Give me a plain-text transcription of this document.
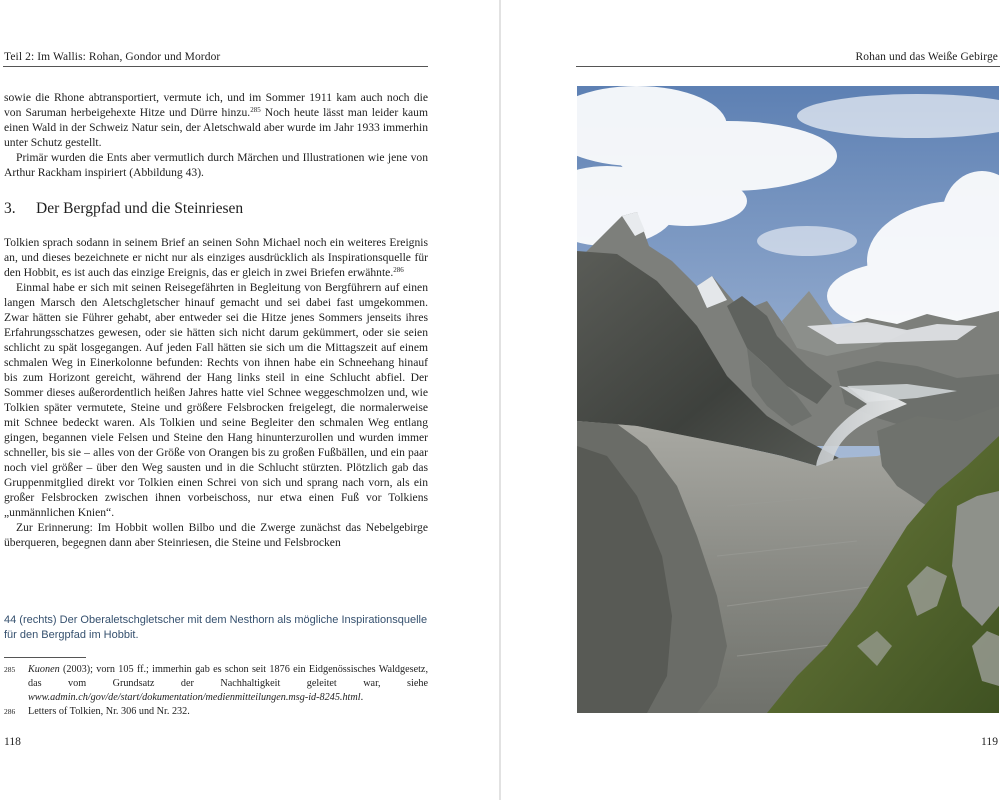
Teil 2: Im Wallis: Rohan, Gondor und Mordor

sowie die Rhone abtransportiert, vermute ich, und im Sommer 1911 kam auch noch die von Saruman herbeigehexte Hitze und Dürre hinzu.$^{285}$ Noch heute lässt man leider kaum einen Wald in der Schweiz Natur sein, der Aletschwald aber wurde im Jahr 1933 immerhin unter Schutz gestellt.

Primär wurden die Ents aber vermutlich durch Märchen und Illustrationen wie jene von Arthur Rackham inspiriert (Abbildung 43).

3. Der Bergpfad und die Steinriesen

Tolkien sprach sodann in seinem Brief an seinen Sohn Michael noch ein weiteres Ereignis an, und dieses bezeichnete er nicht nur als einziges ausdrücklich als Inspirationsquelle für den Hobbit, es ist auch das einzige Ereignis, das er gleich in zwei Briefen erwähnte.$^{286}$

Einmal habe er sich mit seinen Reisegefährten in Begleitung von Bergführern auf einen langen Marsch den Aletschgletscher hinauf gemacht und sei dabei fast umgekommen. Zwar hätten sie Führer gehabt, aber entweder sei die Hitze jenes Sommers jenseits ihres Erfahrungsschatzes gewesen, oder sie hätten sich nicht darum gekümmert, oder sie seien schlicht zu spät losgegangen. Auf jeden Fall hätten sie sich um die Mittagszeit auf einem schmalen Weg in Einerkolonne befunden: Rechts von ihnen habe ein Schneehang hinauf bis zum Horizont gereicht, während der Hang links steil in eine Schlucht abfiel. Der Sommer dieses außerordentlich heißen Jahres hatte viel Schnee weggeschmolzen und, wie Tolkien später vermutete, Steine und größere Felsbrocken freigelegt, die normalerweise mit Schnee bedeckt waren. Als Tolkien und seine Begleiter den schmalen Weg entlang gingen, begannen viele Felsen und Steine den Hang hinunterzurollen und wurden immer schneller, bis sie – alles von der Größe von Orangen bis zu großen Fußbällen, und ein paar noch viel größer – über den Weg sausten und in die Schlucht stürzten. Plötzlich gab das Gruppenmitglied direkt vor Tolkien einen Schrei von sich und sprang nach vorn, als ein großer Felsbrocken zwischen ihnen vorbeischoss, nur etwa einen Fuß vor Tolkiens „unmännlichen Knien“.

Zur Erinnerung: Im Hobbit wollen Bilbo und die Zwerge zunächst das Nebelgebirge überqueren, begegnen dann aber Steinriesen, die Steine und Felsbrocken

44 (rechts) Der Oberaletschgletscher mit dem Nesthorn als mögliche Inspirationsquelle für den Bergpfad im Hobbit.
285	Kuonen (2003); vorn 105 ff.; immerhin gab es schon seit 1876 ein Eidgenössisches Waldgesetz, das vom Grundsatz der Nachhaltigkeit geleitet war, siehe www.admin.ch/gov/de/start/dokumentation/medienmitteilungen.msg-id-8245.html.
286	Letters of Tolkien, Nr. 306 und Nr. 232.
118
Rohan und das Weiße Gebirge
119
